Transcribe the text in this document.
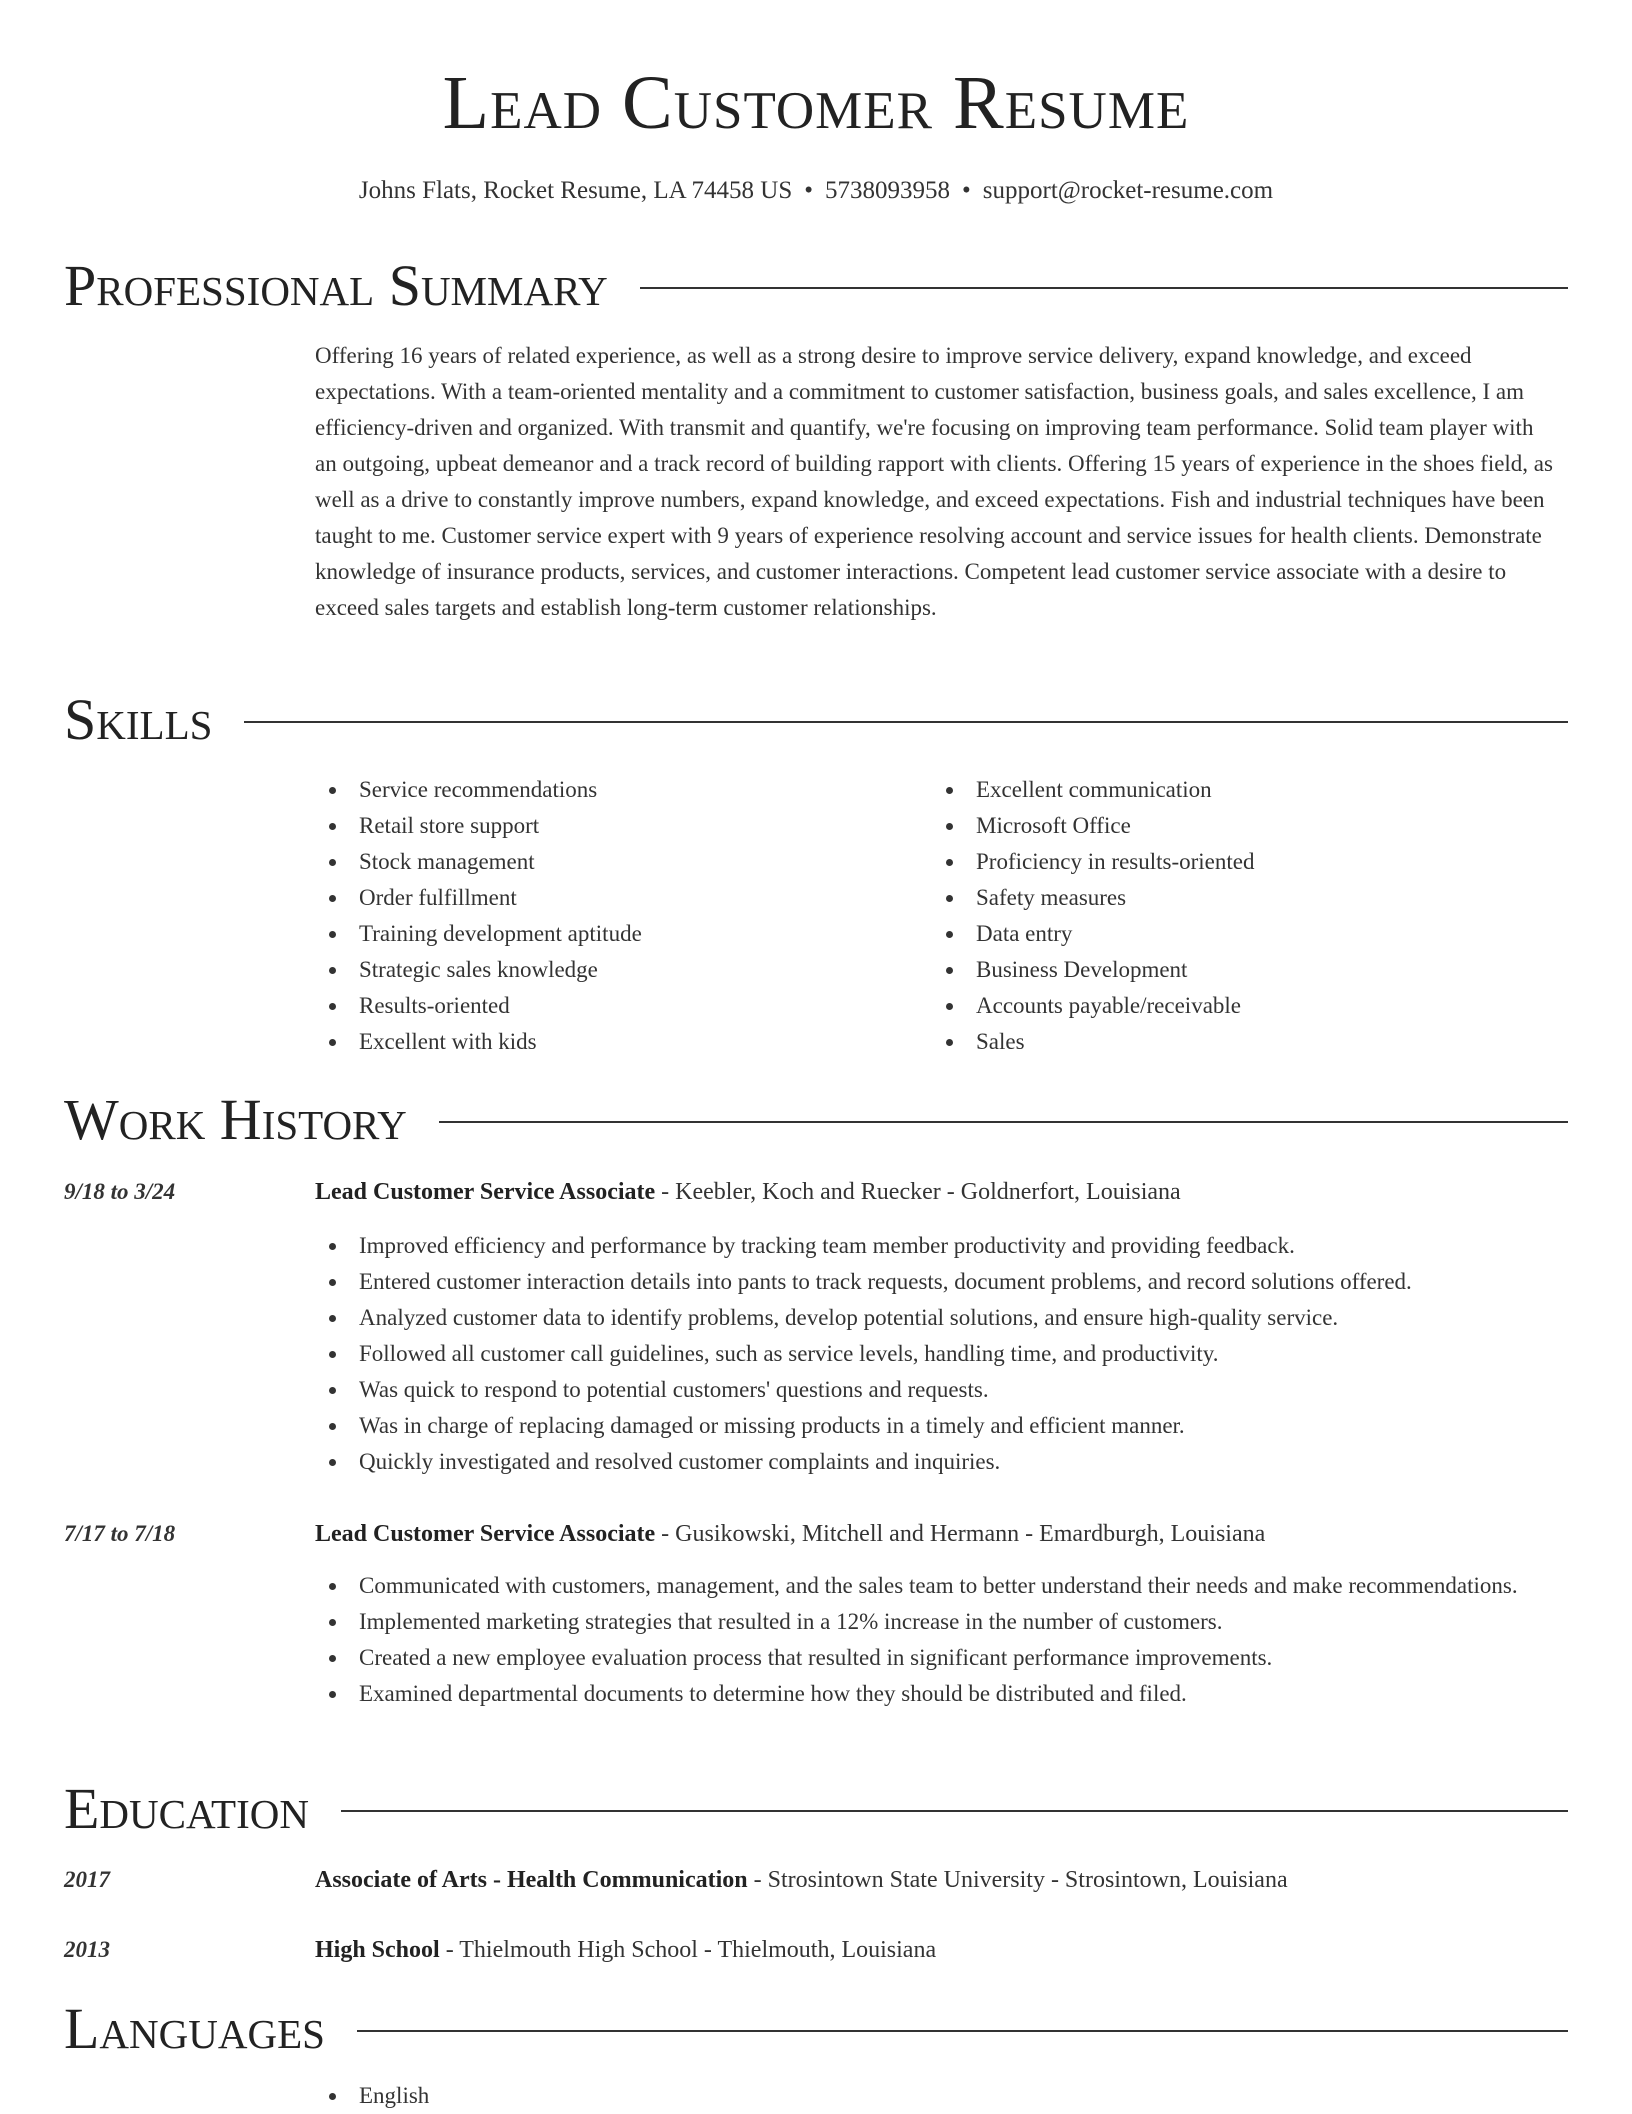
Lead Customer Resume
Johns Flats, Rocket Resume, LA 74458 US • 5738093958 • support@rocket-resume.com
Professional Summary
Offering 16 years of related experience, as well as a strong desire to improve service delivery, expand knowledge, and exceed expectations. With a team-oriented mentality and a commitment to customer satisfaction, business goals, and sales excellence, I am efficiency-driven and organized. With transmit and quantify, we're focusing on improving team performance. Solid team player with an outgoing, upbeat demeanor and a track record of building rapport with clients. Offering 15 years of experience in the shoes field, as well as a drive to constantly improve numbers, expand knowledge, and exceed expectations. Fish and industrial techniques have been taught to me. Customer service expert with 9 years of experience resolving account and service issues for health clients. Demonstrate knowledge of insurance products, services, and customer interactions. Competent lead customer service associate with a desire to exceed sales targets and establish long-term customer relationships.
Skills
Service recommendations
Retail store support
Stock management
Order fulfillment
Training development aptitude
Strategic sales knowledge
Results-oriented
Excellent with kids
Excellent communication
Microsoft Office
Proficiency in results-oriented
Safety measures
Data entry
Business Development
Accounts payable/receivable
Sales
Work History
9/18 to 3/24	Lead Customer Service Associate - Keebler, Koch and Ruecker - Goldnerfort, Louisiana
Improved efficiency and performance by tracking team member productivity and providing feedback.
Entered customer interaction details into pants to track requests, document problems, and record solutions offered.
Analyzed customer data to identify problems, develop potential solutions, and ensure high-quality service.
Followed all customer call guidelines, such as service levels, handling time, and productivity.
Was quick to respond to potential customers' questions and requests.
Was in charge of replacing damaged or missing products in a timely and efficient manner.
Quickly investigated and resolved customer complaints and inquiries.
7/17 to 7/18	Lead Customer Service Associate - Gusikowski, Mitchell and Hermann - Emardburgh, Louisiana
Communicated with customers, management, and the sales team to better understand their needs and make recommendations.
Implemented marketing strategies that resulted in a 12% increase in the number of customers.
Created a new employee evaluation process that resulted in significant performance improvements.
Examined departmental documents to determine how they should be distributed and filed.
Education
2017	Associate of Arts - Health Communication - Strosintown State University - Strosintown, Louisiana
2013	High School - Thielmouth High School - Thielmouth, Louisiana
Languages
English
